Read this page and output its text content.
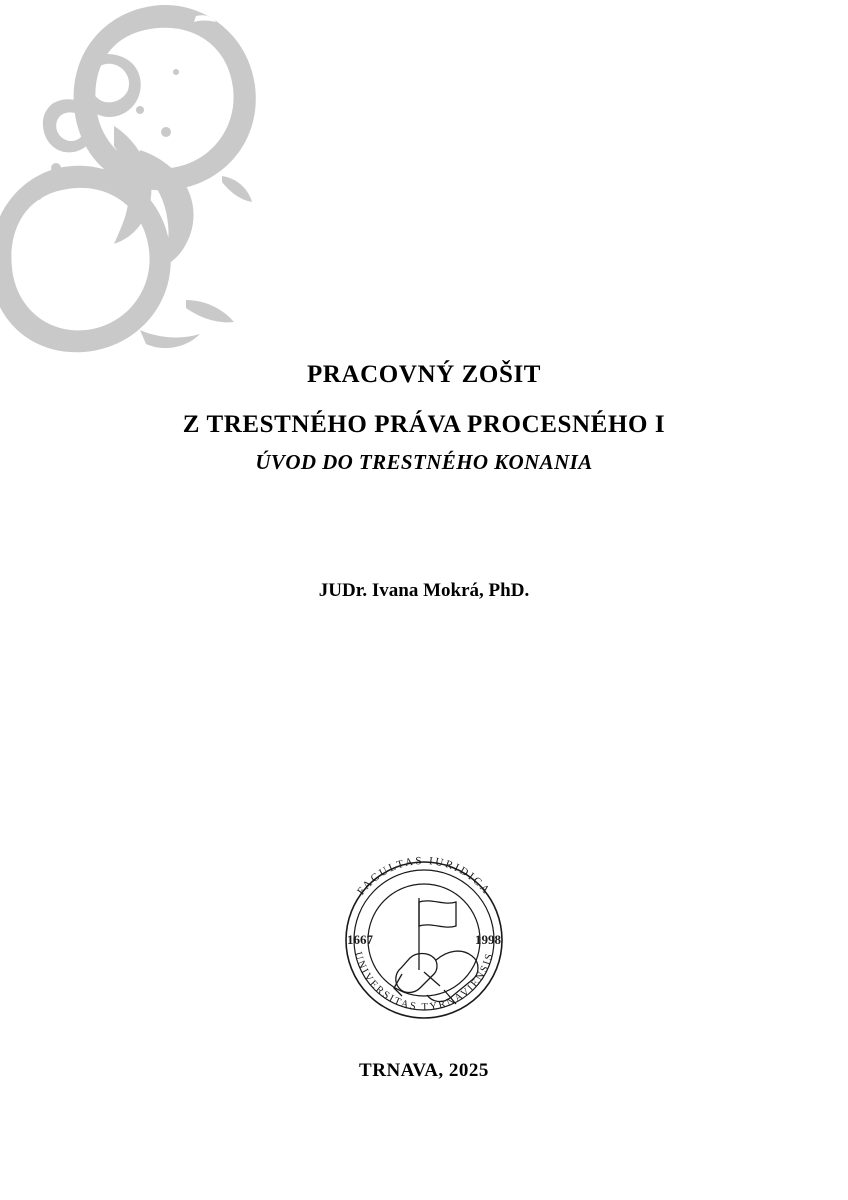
PRACOVNÝ ZOŠIT
Z TRESTNÉHO PRÁVA PROCESNÉHO I
ÚVOD DO TRESTNÉHO KONANIA
JUDr. Ivana Mokrá, PhD.
FACULTAS IURIDICA
UNIVERSITAS TYRNAVIENSIS
1667	1998
TRNAVA, 2025
